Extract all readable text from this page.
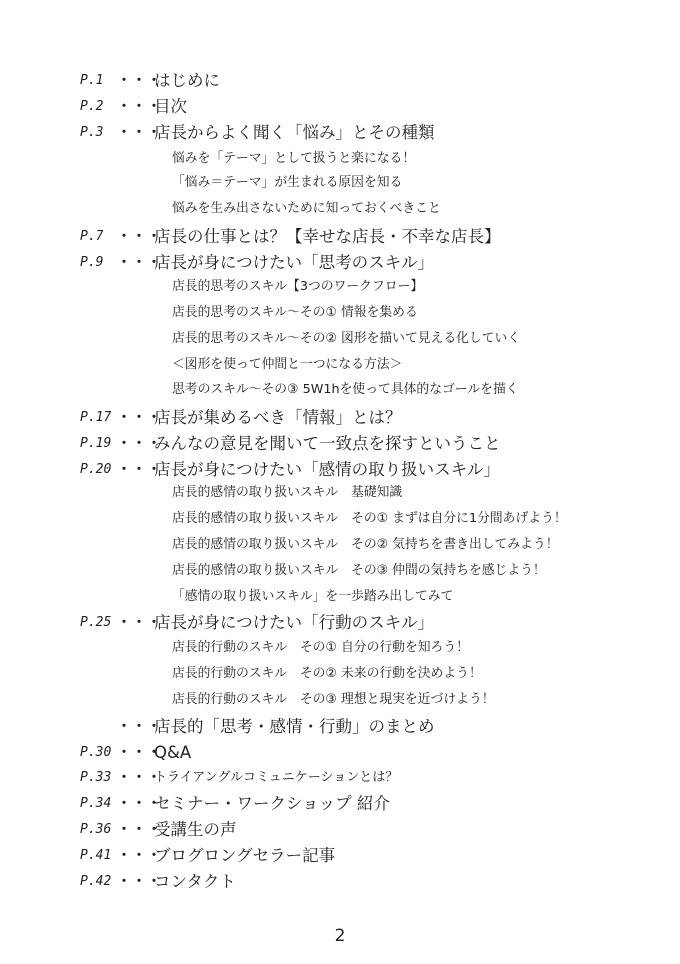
P.1 ・・・
はじめに
P.2 ・・・
目次
P.3 ・・・
店長からよく聞く「悩み」とその種類
悩みを「テーマ」として扱うと楽になる！
「悩み＝テーマ」が生まれる原因を知る
悩みを生み出さないために知っておくべきこと
P.7 ・・・
店長の仕事とは？【幸せな店長・不幸な店長】
P.9 ・・・
店長が身につけたい「思考のスキル」
店長的思考のスキル【3つのワークフロー】
店長的思考のスキル～その① 情報を集める
店長的思考のスキル～その② 図形を描いて見える化していく
＜図形を使って仲間と一つになる方法＞
思考のスキル～その③ 5W1hを使って具体的なゴールを描く
P.17 ・・・
店長が集めるべき「情報」とは？
P.19 ・・・
みんなの意見を聞いて一致点を探すということ
P.20 ・・・
店長が身につけたい「感情の取り扱いスキル」
店長的感情の取り扱いスキル　基礎知識
店長的感情の取り扱いスキル　その① まずは自分に1分間あげよう！
店長的感情の取り扱いスキル　その② 気持ちを書き出してみよう！
店長的感情の取り扱いスキル　その③ 仲間の気持ちを感じよう！
「感情の取り扱いスキル」を一歩踏み出してみて
P.25 ・・・
店長が身につけたい「行動のスキル」
店長的行動のスキル　その① 自分の行動を知ろう！
店長的行動のスキル　その② 未来の行動を決めよう！
店長的行動のスキル　その③ 理想と現実を近づけよう！
・・・
店長的「思考・感情・行動」のまとめ
P.30 ・・・
Q&A
P.33 ・・・
トライアングルコミュニケーションとは？
P.34 ・・・
セミナー・ワークショップ 紹介
P.36 ・・・
受講生の声
P.41 ・・・
ブログロングセラー記事
P.42 ・・・
コンタクト
2
